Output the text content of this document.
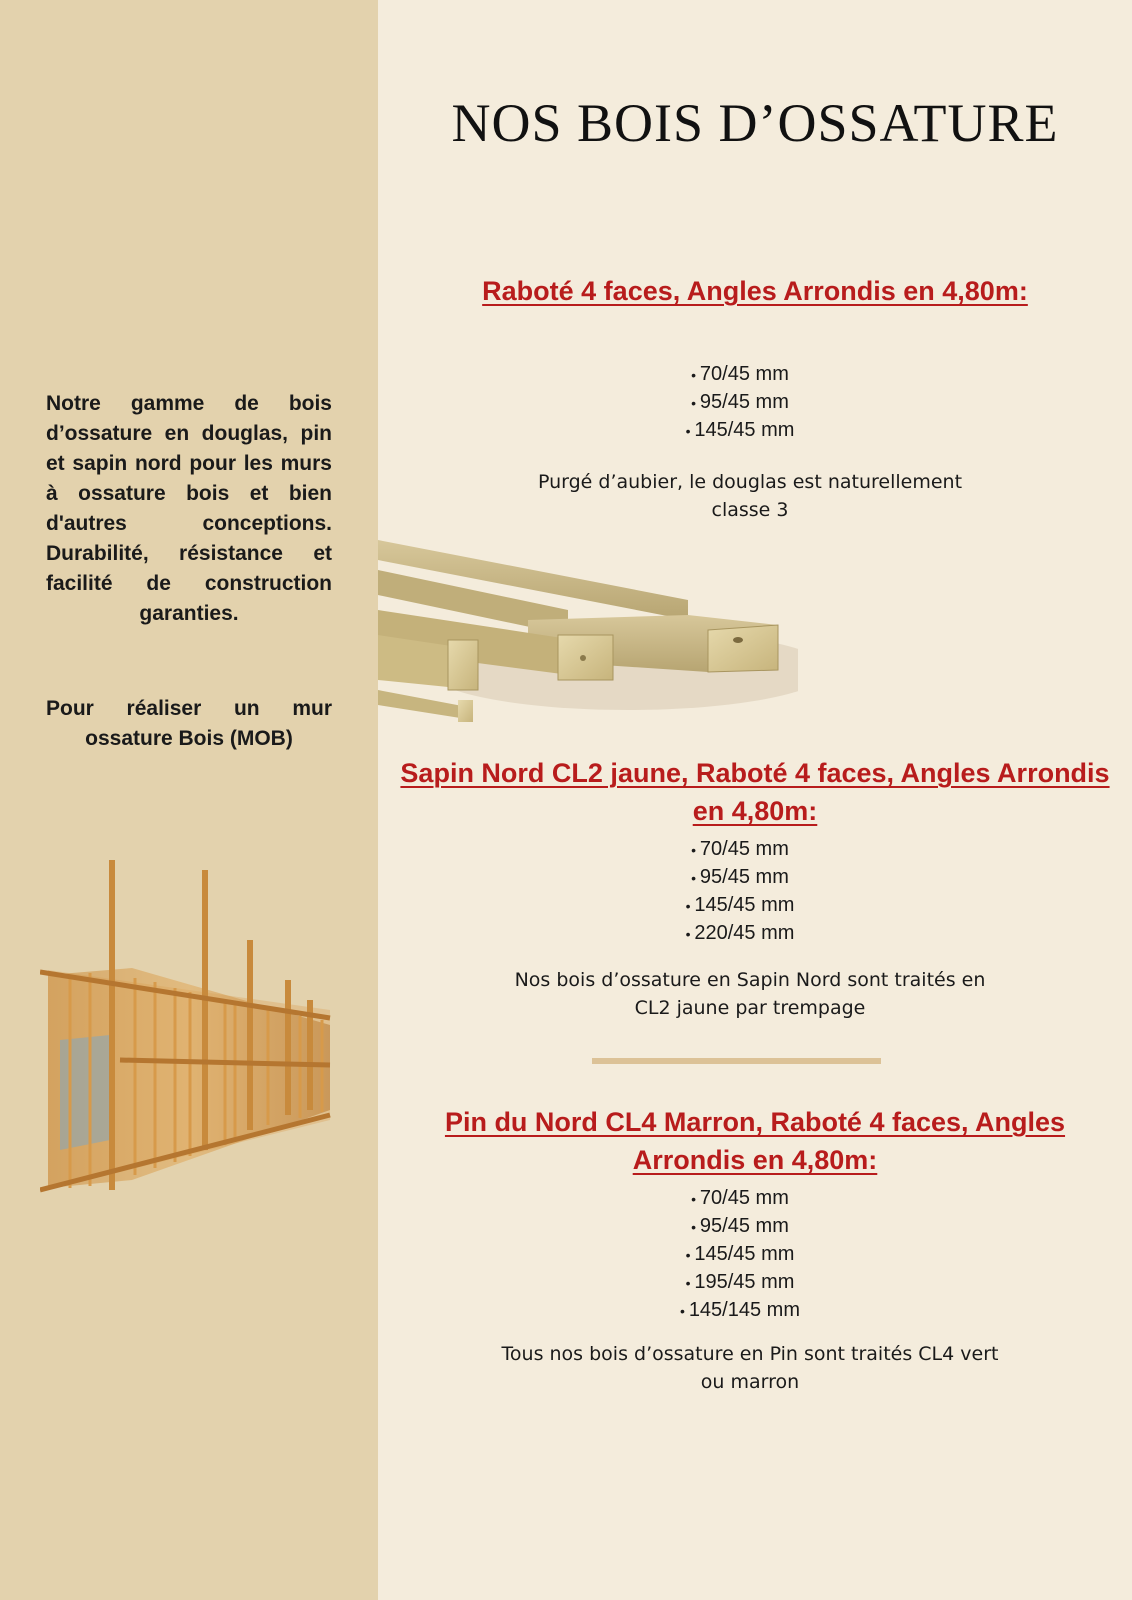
Notre gamme de bois d’ossature en douglas, pin et sapin nord pour les murs à ossature bois et bien d'autres conceptions. Durabilité, résistance et facilité de construction garanties.
Pour réaliser un mur ossature Bois (MOB)
NOS BOIS D’OSSATURE
Raboté 4 faces, Angles Arrondis en 4,80m:
• 70/45 mm
• 95/45 mm
• 145/45 mm
Purgé d’aubier, le douglas est naturellement classe 3
Sapin Nord CL2 jaune, Raboté 4 faces, Angles Arrondis en 4,80m:
• 70/45 mm
• 95/45 mm
• 145/45 mm
• 220/45 mm
Nos bois d’ossature en Sapin Nord sont traités en CL2 jaune par trempage
Pin du Nord CL4 Marron, Raboté 4 faces, Angles Arrondis en 4,80m:
• 70/45 mm
• 95/45 mm
• 145/45 mm
• 195/45 mm
• 145/145 mm
Tous nos bois d’ossature en Pin sont traités CL4 vert ou marron
